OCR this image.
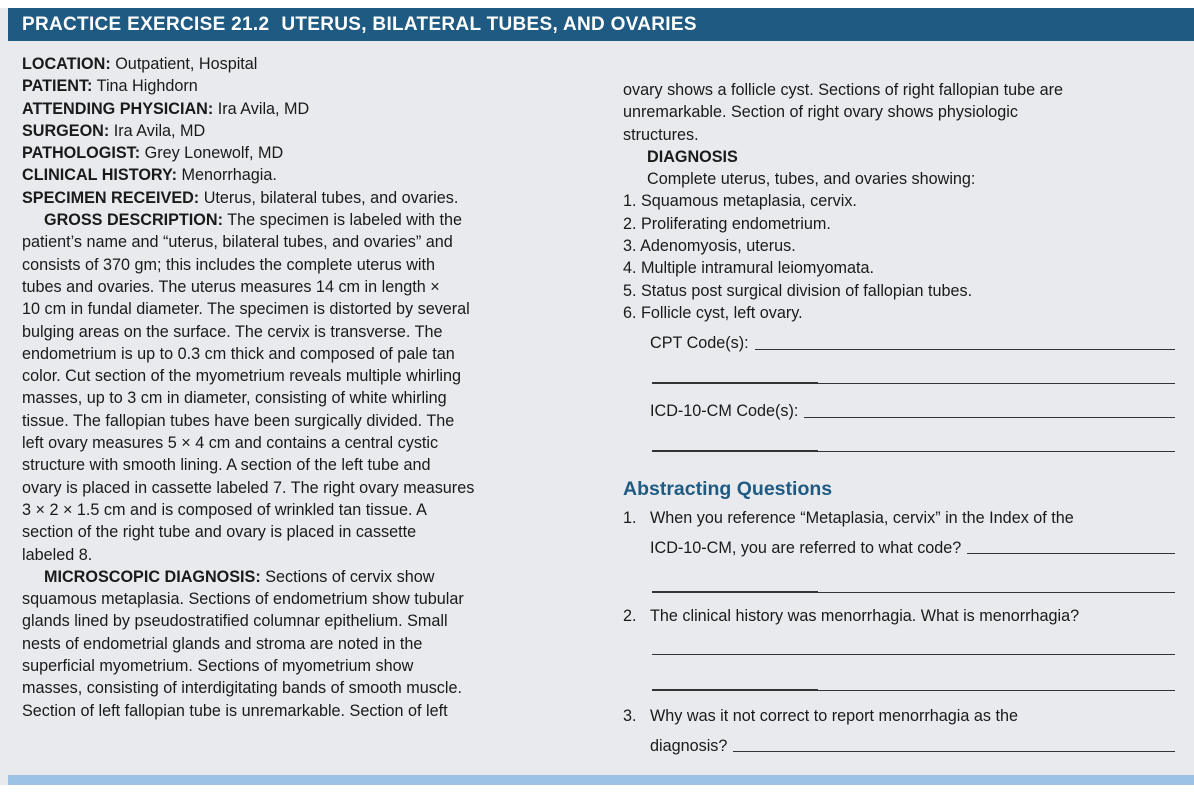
PRACTICE EXERCISE 21.2 UTERUS, BILATERAL TUBES, AND OVARIES
LOCATION: Outpatient, Hospital
PATIENT: Tina Highdorn
ATTENDING PHYSICIAN: Ira Avila, MD
SURGEON: Ira Avila, MD
PATHOLOGIST: Grey Lonewolf, MD
CLINICAL HISTORY: Menorrhagia.
SPECIMEN RECEIVED: Uterus, bilateral tubes, and ovaries.
GROSS DESCRIPTION: The specimen is labeled with the
patient’s name and “uterus, bilateral tubes, and ovaries” and
consists of 370 gm; this includes the complete uterus with
tubes and ovaries. The uterus measures 14 cm in length ×
10 cm in fundal diameter. The specimen is distorted by several
bulging areas on the surface. The cervix is transverse. The
endometrium is up to 0.3 cm thick and composed of pale tan
color. Cut section of the myometrium reveals multiple whirling
masses, up to 3 cm in diameter, consisting of white whirling
tissue. The fallopian tubes have been surgically divided. The
left ovary measures 5 × 4 cm and contains a central cystic
structure with smooth lining. A section of the left tube and
ovary is placed in cassette labeled 7. The right ovary measures
3 × 2 × 1.5 cm and is composed of wrinkled tan tissue. A
section of the right tube and ovary is placed in cassette
labeled 8.
MICROSCOPIC DIAGNOSIS: Sections of cervix show
squamous metaplasia. Sections of endometrium show tubular
glands lined by pseudostratified columnar epithelium. Small
nests of endometrial glands and stroma are noted in the
superficial myometrium. Sections of myometrium show
masses, consisting of interdigitating bands of smooth muscle.
Section of left fallopian tube is unremarkable. Section of left
ovary shows a follicle cyst. Sections of right fallopian tube are
unremarkable. Section of right ovary shows physiologic
structures.
DIAGNOSIS
Complete uterus, tubes, and ovaries showing:
1. Squamous metaplasia, cervix.
2. Proliferating endometrium.
3. Adenomyosis, uterus.
4. Multiple intramural leiomyomata.
5. Status post surgical division of fallopian tubes.
6. Follicle cyst, left ovary.
CPT Code(s):
ICD-10-CM Code(s):
Abstracting Questions
1. When you reference “Metaplasia, cervix” in the Index of the
ICD-10-CM, you are referred to what code?
2. The clinical history was menorrhagia. What is menorrhagia?
3. Why was it not correct to report menorrhagia as the
diagnosis?
